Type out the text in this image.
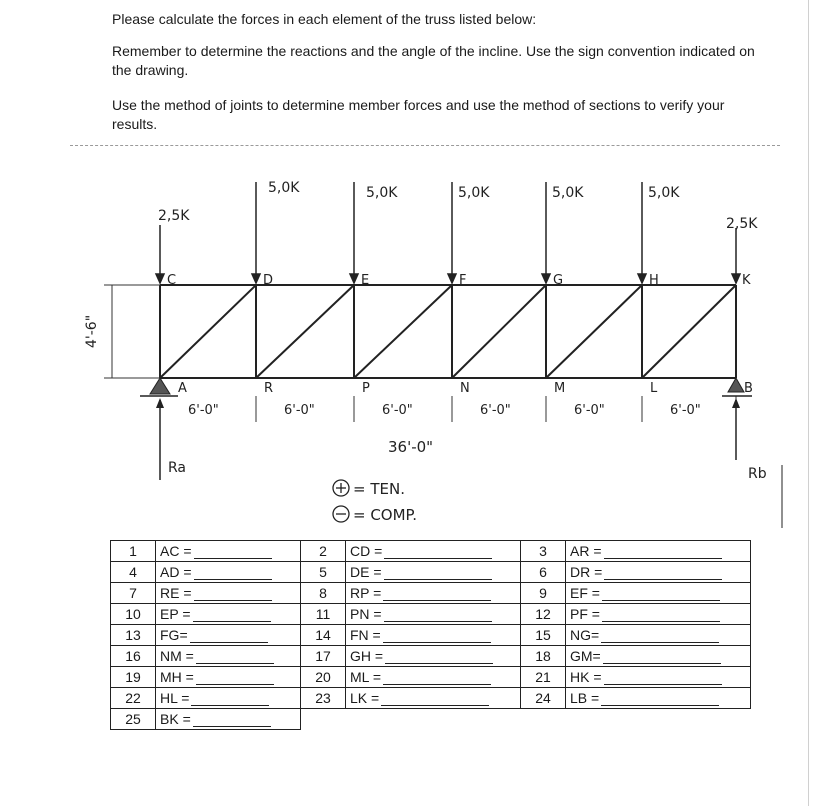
Please calculate the forces in each element of the truss listed below:
Remember to determine the reactions and the angle of the incline. Use the sign convention indicated on the drawing.
Use the method of joints to determine member forces and use the method of sections to verify your results.
2,5K
C
A
5,0K
D
R
5,0K
E
P
5,0K
F
N
5,0K
G
M
5,0K
H
L
2,5K
K
B
6'-0"	6'-0"	6'-0"	6'-0"	6'-0"	6'-0"
Ra	Rb
4'-6"
36'-0"
= TEN.
= COMP.
1	AC =	2	CD =	3	AR =
4	AD =	5	DE =	6	DR =
7	RE =	8	RP =	9	EF =
10	EP =	11	PN =	12	PF =
13	FG=	14	FN =	15	NG=
16	NM =	17	GH =	18	GM=
19	MH =	20	ML =	21	HK =
22	HL =	23	LK =	24	LB =
25	BK =				
